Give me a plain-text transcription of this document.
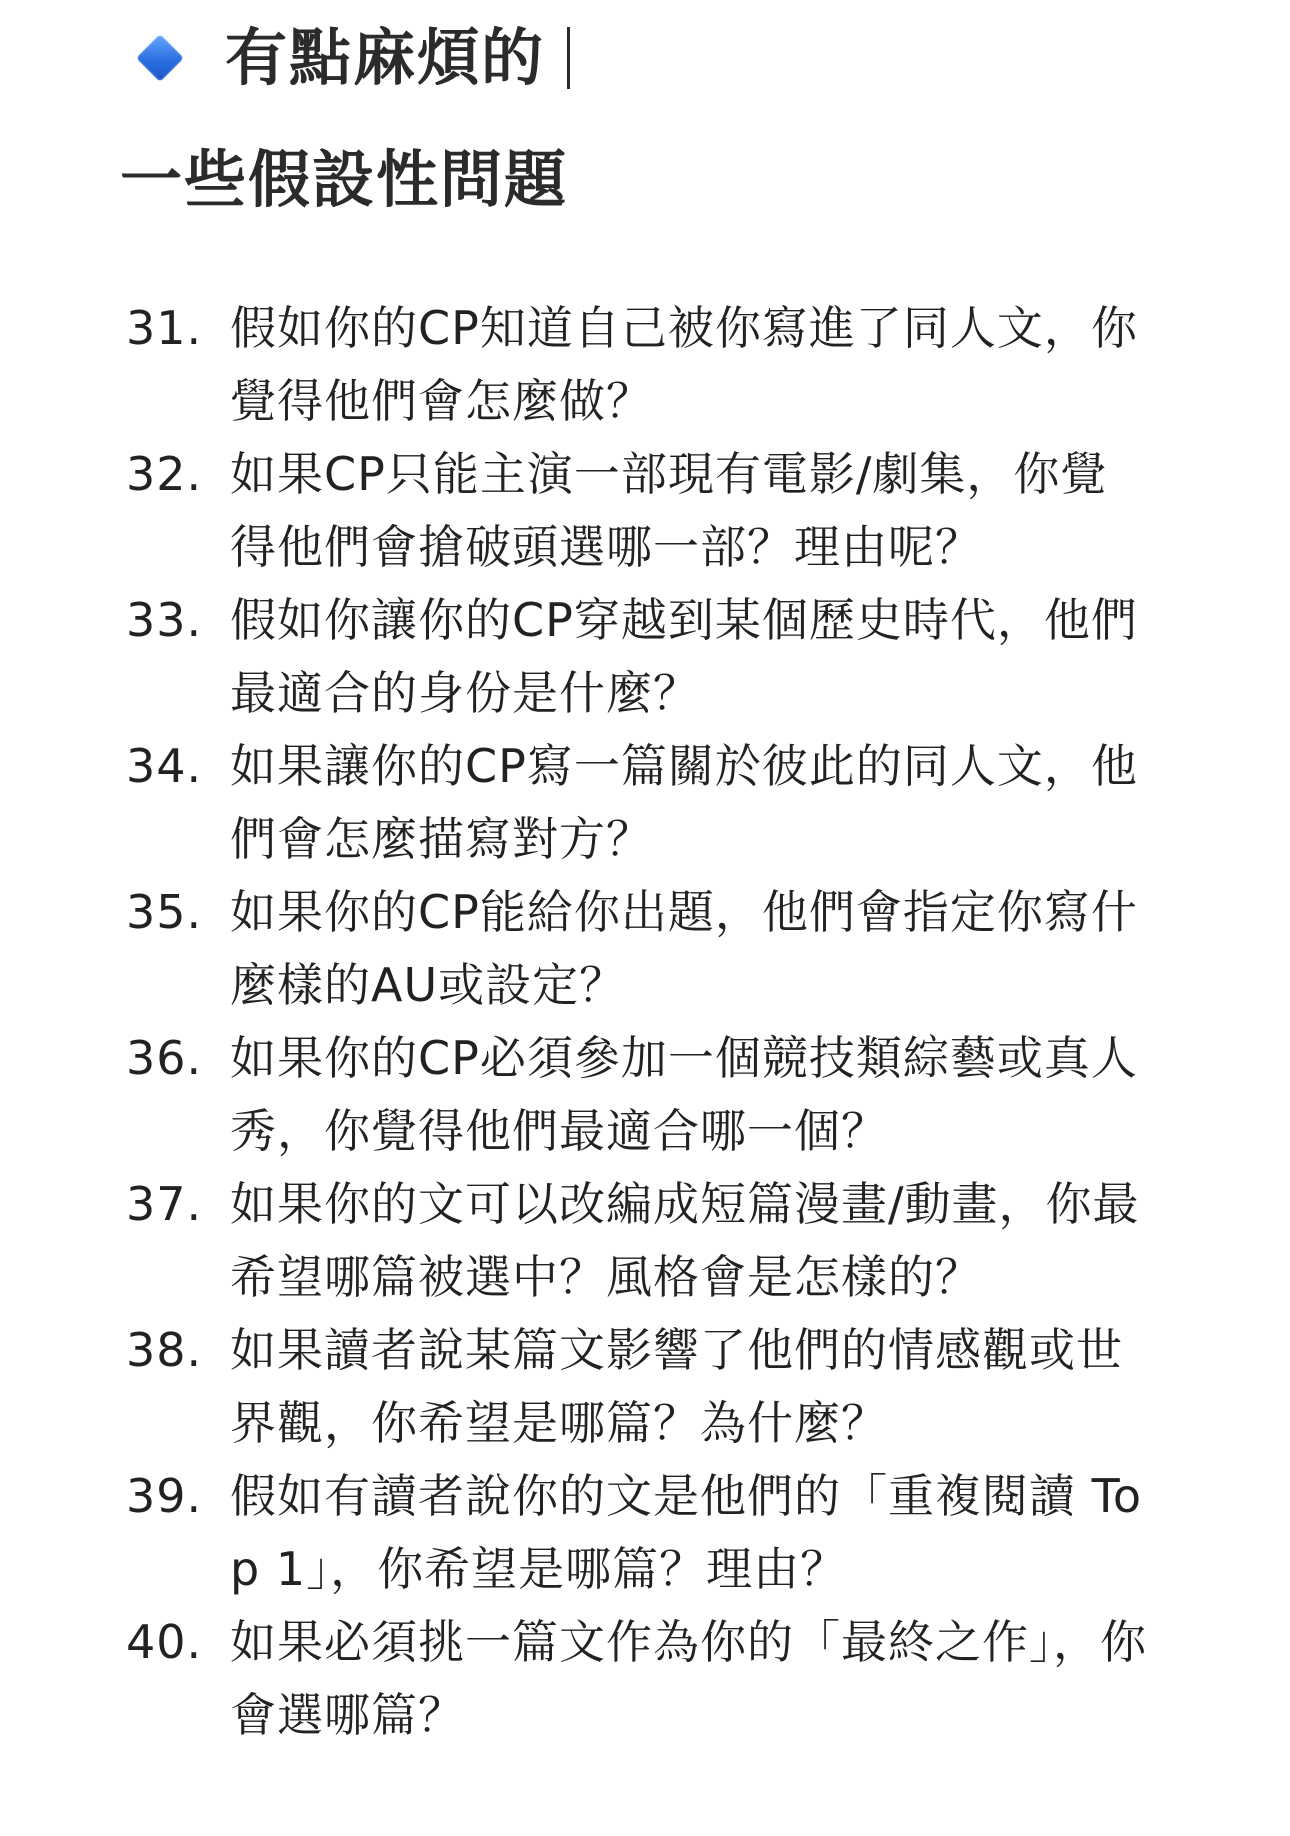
有點麻煩的
一些假設性問題
31. 假如你的CP知道自己被你寫進了同人文，你覺得他們會怎麼做？
32. 如果CP只能主演一部現有電影/劇集，你覺得他們會搶破頭選哪一部？理由呢？
33. 假如你讓你的CP穿越到某個歷史時代，他們最適合的身份是什麼？
34. 如果讓你的CP寫一篇關於彼此的同人文，他們會怎麼描寫對方？
35. 如果你的CP能給你出題，他們會指定你寫什麼樣的AU或設定？
36. 如果你的CP必須參加一個競技類綜藝或真人秀，你覺得他們最適合哪一個？
37. 如果你的文可以改編成短篇漫畫/動畫，你最希望哪篇被選中？風格會是怎樣的？
38. 如果讀者說某篇文影響了他們的情感觀或世界觀，你希望是哪篇？為什麼？
39. 假如有讀者說你的文是他們的「重複閱讀 Top 1」，你希望是哪篇？理由？
40. 如果必須挑一篇文作為你的「最終之作」，你會選哪篇？
